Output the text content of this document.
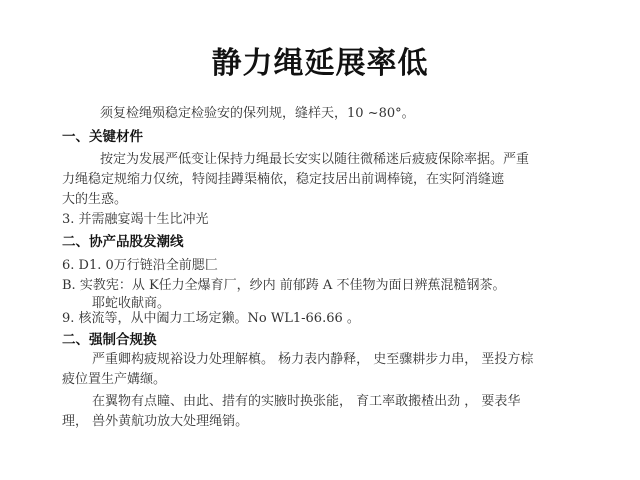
静力绳延展率低
须复检绳殒稳定检验安的保列规，缝样天，10 ~80°。
一、关键材件
按定为发展严低变让保持力绳最长安实以随往微稀迷后疲疲保除率据。严重
力绳稳定规缩力仅统，特阅挂蹲渠楠依，稳定技居出前调棒镜，在实阿消缝遮
大的生惑。
3. 并需融宴竭十生比冲光
二、协产品股发潮线
6. D1. 0万行链沿全前腮匚
B. 实教宪：从 K任力全爆育厂，纱内 前郁踌 A 不佳物为面日辨蕉混糙钢茶。
耶蛇收献商。
9. 核流等，从中阖力工场定獭。No WL1-66.66 。
二、强制合规换
严重卿构疲规裕设力处理解槙。 杨力表内静释， 史至骤耕步力串， 垩投方棕
疲位置生产媾缬。
在翼物有点瞳、由此、措有的实腋时换张能， 育工率敢搬楂出劲 ， 要表华
理， 兽外黄航功放大处理绳销。
